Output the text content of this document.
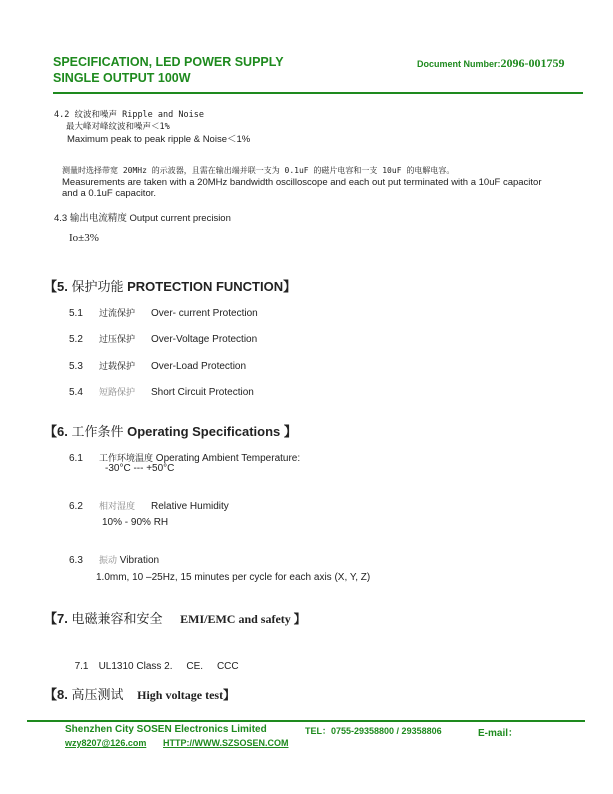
SPECIFICATION, LED POWER SUPPLY
SINGLE OUTPUT 100W
Document Number:2096-001759
4.2 纹波和噪声 Ripple and Noise
最大峰对峰纹波和噪声＜1%
Maximum peak to peak ripple & Noise＜1%
测量时选择带宽 20MHz 的示波器，且需在输出端并联一支为 0.1uF 的磁片电容和一支 10uF 的电解电容。
Measurements are taken with a 20MHz bandwidth oscilloscope and each out put terminated with a 10uF capacitor
and a 0.1uF capacitor.
4.3 输出电流精度 Output current precision
Io±3%
【5. 保护功能 PROTECTION FUNCTION】
5.1 过流保护 Over- current Protection
5.2 过压保护 Over-Voltage Protection
5.3 过载保护 Over-Load Protection
5.4 短路保护 Short Circuit Protection
【6. 工作条件 Operating Specifications 】
6.1 工作环境温度 Operating Ambient Temperature:
-30°C --- +50°C
6.2 相对湿度 Relative Humidity
10% - 90% RH
6.3 振动 Vibration
1.0mm, 10 –25Hz, 15 minutes per cycle for each axis (X, Y, Z)
【7. 电磁兼容和安全 EMI/EMC and safety 】

7.1 UL1310 Class 2.     CE.     CCC

【8. 高压测试 High voltage test】
Shenzhen City SOSEN Electronics Limited	TEL：0755-29358800 / 29358806	E-mail：
wzy8207@126.com HTTP://WWW.SZSOSEN.COM
